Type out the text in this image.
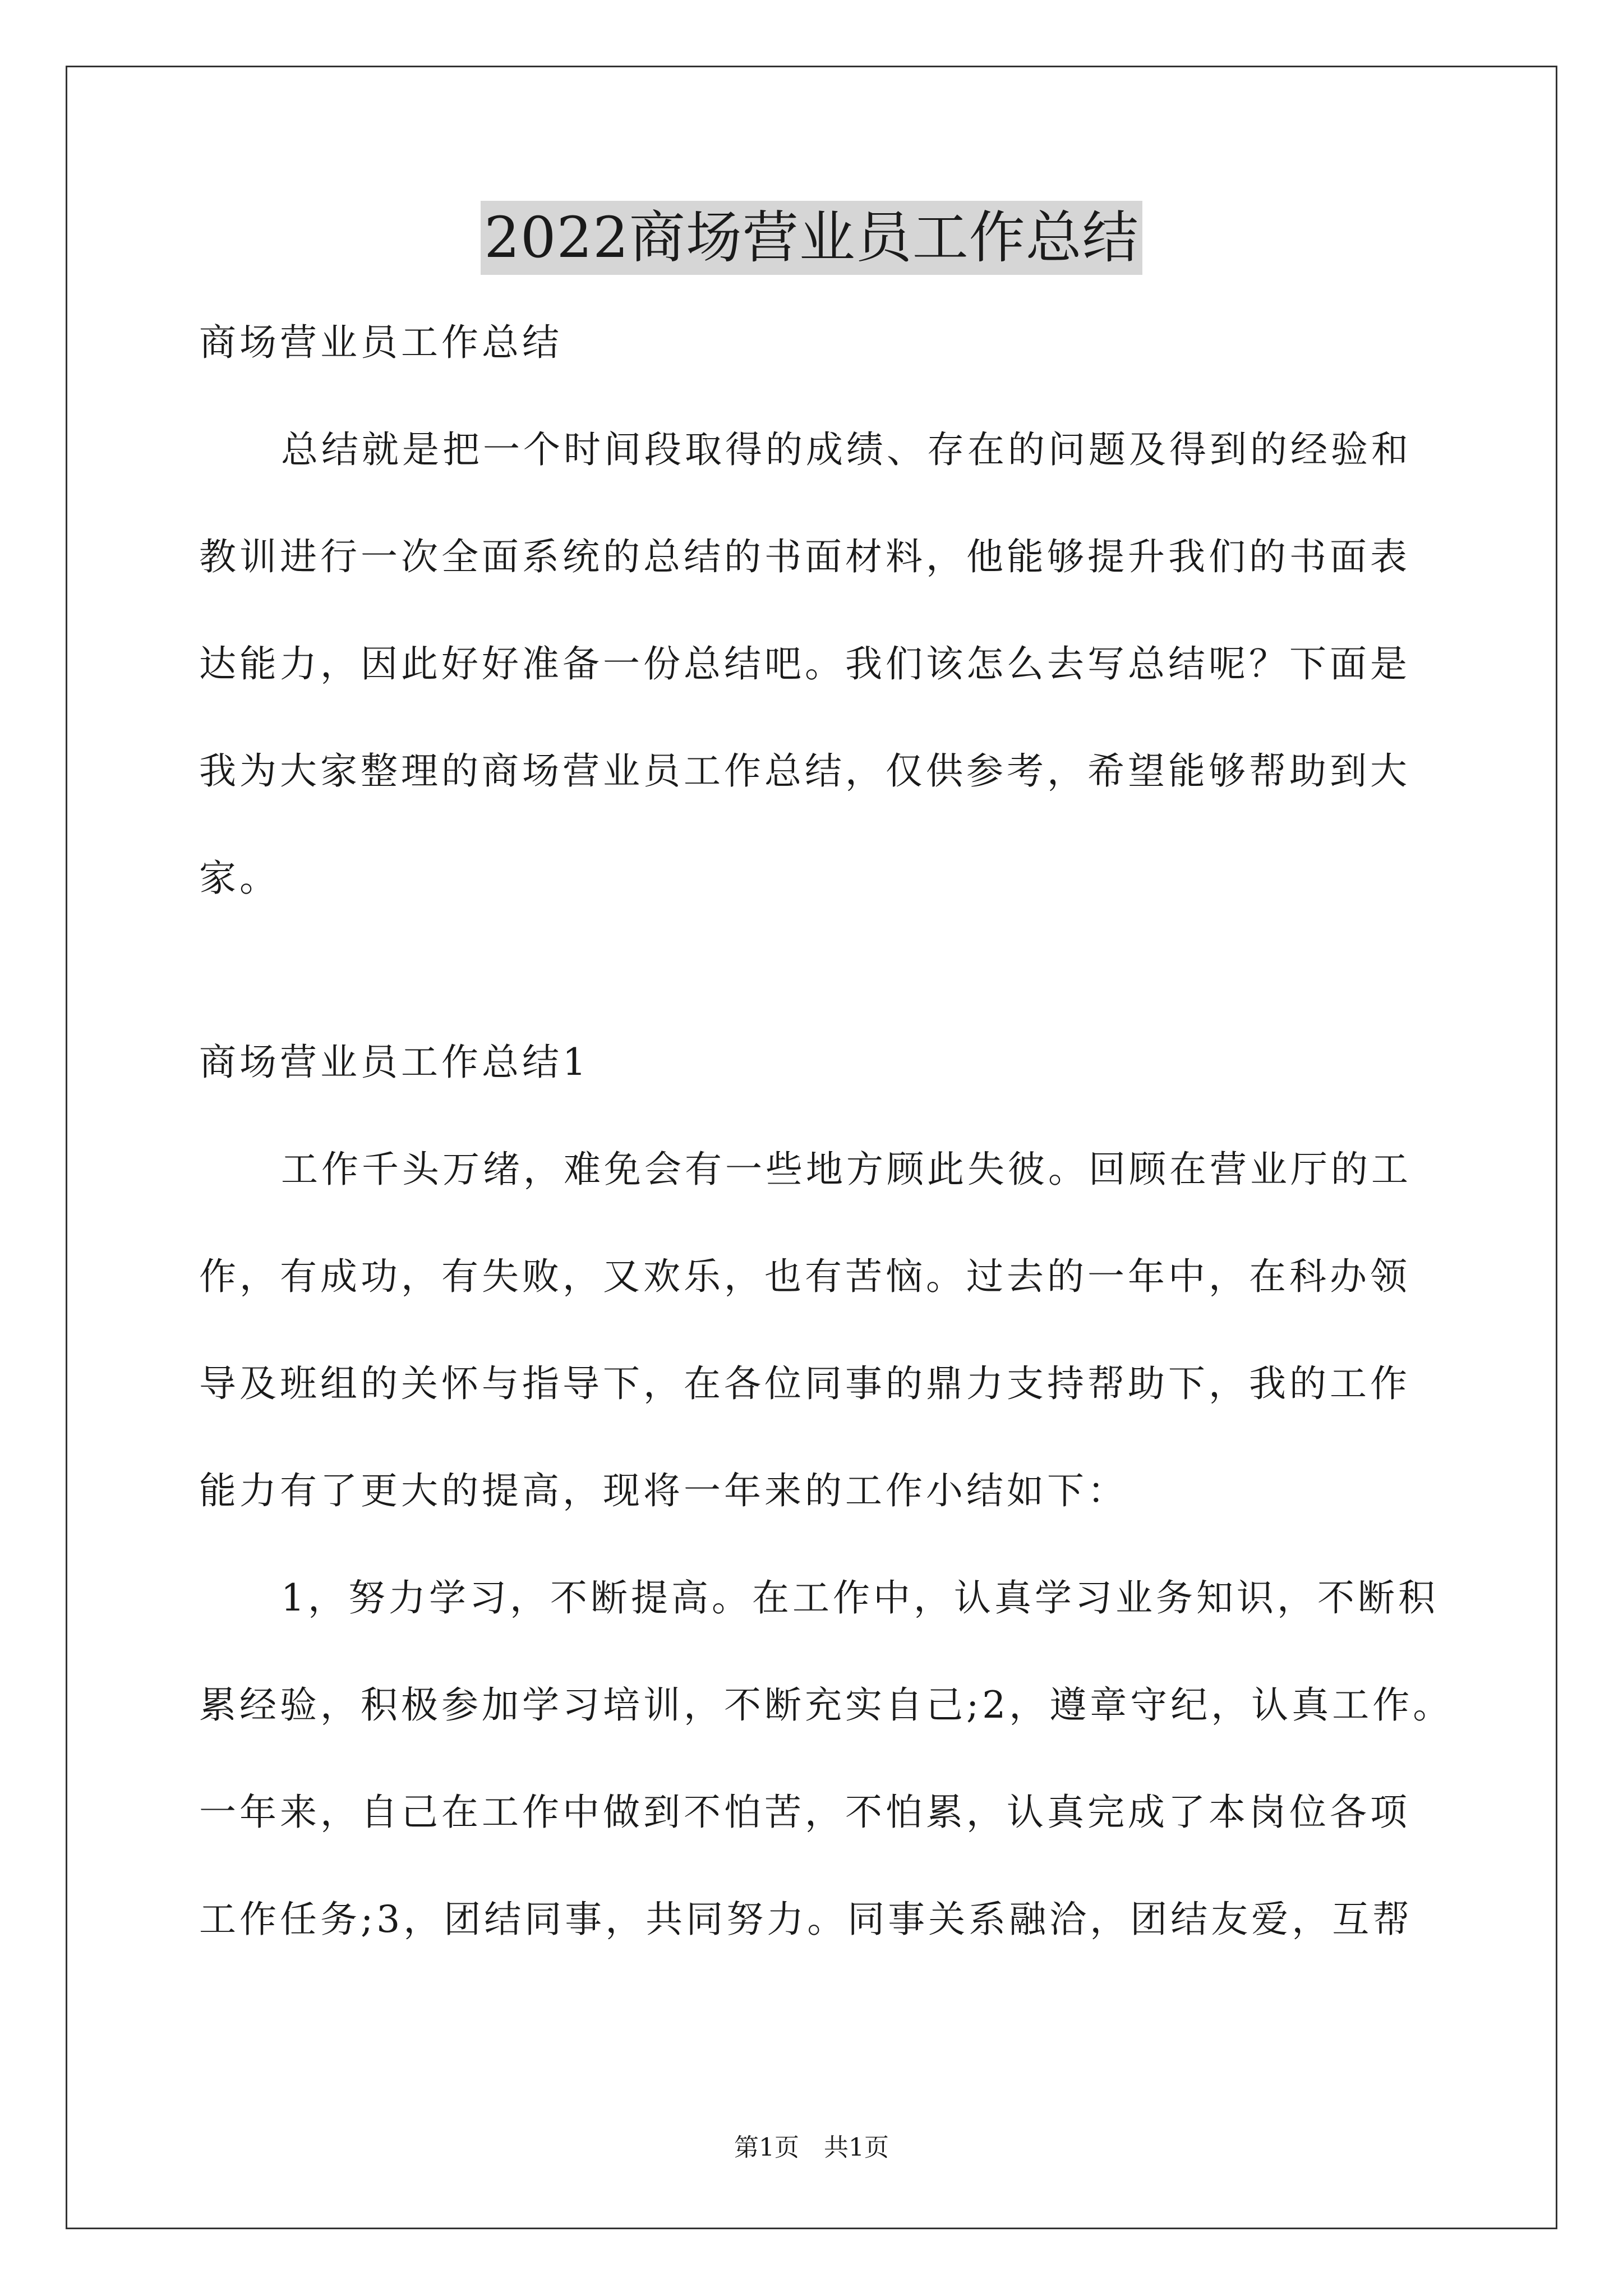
2022商场营业员工作总结
商场营业员工作总结
总结就是把一个时间段取得的成绩、存在的问题及得到的经验和
教训进行一次全面系统的总结的书面材料，他能够提升我们的书面表
达能力，因此好好准备一份总结吧。我们该怎么去写总结呢？下面是
我为大家整理的商场营业员工作总结，仅供参考，希望能够帮助到大
家。
商场营业员工作总结1
工作千头万绪，难免会有一些地方顾此失彼。回顾在营业厅的工
作，有成功，有失败，又欢乐，也有苦恼。过去的一年中，在科办领
导及班组的关怀与指导下，在各位同事的鼎力支持帮助下，我的工作
能力有了更大的提高，现将一年来的工作小结如下：
1，努力学习，不断提高。在工作中，认真学习业务知识，不断积
累经验，积极参加学习培训，不断充实自己;2，遵章守纪，认真工作。
一年来，自己在工作中做到不怕苦，不怕累，认真完成了本岗位各项
工作任务;3，团结同事，共同努力。同事关系融洽，团结友爱，互帮
第1页　共1页
